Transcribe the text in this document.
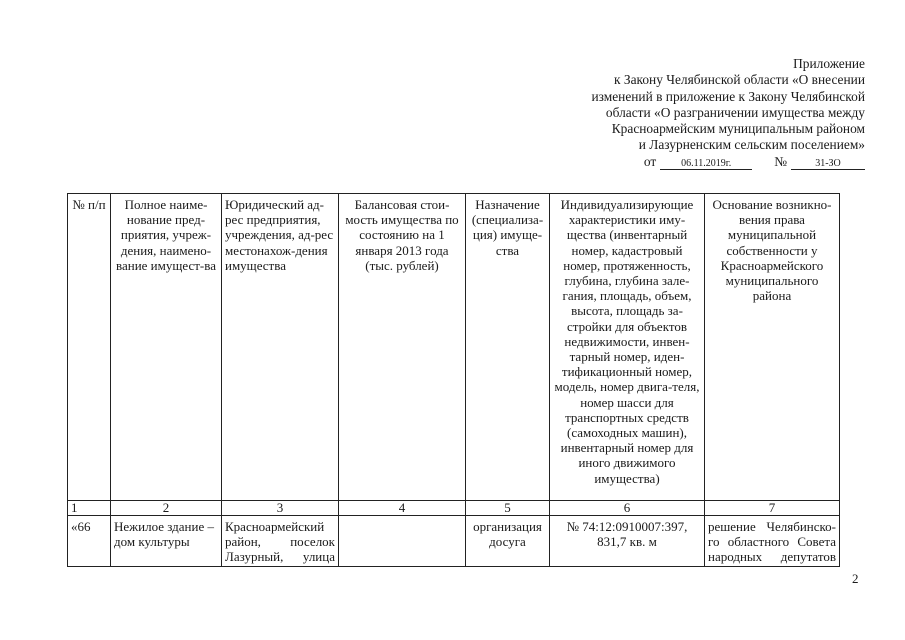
Приложение
к Закону Челябинской области «О внесении
изменений в приложение к Закону Челябинской
области «О разграничении имущества между
Красноармейским муниципальным районом
и Лазурненским сельским поселением»
от	06.11.2019г.	№	31-ЗО
№ п/п	Полное наиме-нование пред-приятия, учреж-дения, наимено-вание имущест-ва	Юридический ад-рес предприятия, учреждения, ад-рес местонахож-дения имущества	Балансовая стои-мость имущества по состоянию на 1 января 2013 года (тыс. рублей)	Назначение (специализа-ция) имуще-ства	Индивидуализирующие характеристики иму-щества (инвентарный номер, кадастровый номер, протяженность, глубина, глубина зале-гания, площадь, объем, высота, площадь за-стройки для объектов недвижимости, инвен-тарный номер, иден-тификационный номер, модель, номер двига-теля, номер шасси для транспортных средств (самоходных машин), инвентарный номер для иного движимого имущества)	Основание возникно-вения права муниципальной собственности у Красноармейского муниципального района
1	2	3	4	5	6	7
«66	Нежилое здание – дом культуры	Красноармейский район, поселок Лазурный, улица		организация досуга	№ 74:12:0910007:397, 831,7 кв. м	решение Челябинско-го областного Совета народных депутатов
2
